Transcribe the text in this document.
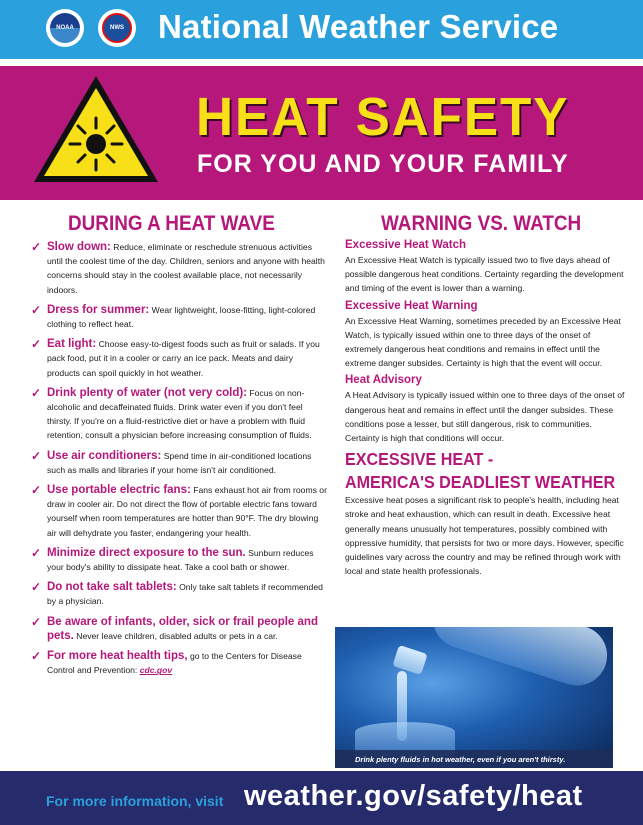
NOAA	NWS National Weather Service
HEAT SAFETY
FOR YOU AND YOUR FAMILY
DURING A HEAT WAVE
✓ Slow down: Reduce, eliminate or reschedule strenuous activities until the coolest time of the day. Children, seniors and anyone with health concerns should stay in the coolest available place, not necessarily indoors.
✓ Dress for summer: Wear lightweight, loose-fitting, light-colored clothing to reflect heat.
✓ Eat light: Choose easy-to-digest foods such as fruit or salads. If you pack food, put it in a cooler or carry an ice pack. Meats and dairy products can spoil quickly in hot weather.
✓ Drink plenty of water (not very cold): Focus on non-alcoholic and decaffeinated fluids. Drink water even if you don't feel thirsty. If you're on a fluid-restrictive diet or have a problem with fluid retention, consult a physician before increasing consumption of fluids.
✓ Use air conditioners: Spend time in air-conditioned locations such as malls and libraries if your home isn't air conditioned.
✓ Use portable electric fans: Fans exhaust hot air from rooms or draw in cooler air. Do not direct the flow of portable electric fans toward yourself when room temperatures are hotter than 90°F. The dry blowing air will dehydrate you faster, endangering your health.
✓ Minimize direct exposure to the sun. Sunburn reduces your body's ability to dissipate heat. Take a cool bath or shower.
✓ Do not take salt tablets: Only take salt tablets if recommended by a physician.
✓ Be aware of infants, older, sick or frail people and pets. Never leave children, disabled adults or pets in a car.
✓ For more heat health tips, go to the Centers for Disease Control and Prevention: cdc.gov
WARNING VS. WATCH
Excessive Heat Watch
An Excessive Heat Watch is typically issued two to five days ahead of possible dangerous heat conditions. Certainty regarding the development and timing of the event is lower than a warning.
Excessive Heat Warning
An Excessive Heat Warning, sometimes preceded by an Excessive Heat Watch, is typically issued within one to three days of the onset of extremely dangerous heat conditions and remains in effect until the extreme danger subsides. Certainty is high that the event will occur.
Heat Advisory
A Heat Advisory is typically issued within one to three days of the onset of dangerous heat and remains in effect until the danger subsides. These conditions pose a lesser, but still dangerous, risk to communities. Certainty is high that conditions will occur.
EXCESSIVE HEAT -
AMERICA'S DEADLIEST WEATHER
Excessive heat poses a significant risk to people's health, including heat stroke and heat exhaustion, which can result in death. Excessive heat generally means unusually hot temperatures, possibly combined with oppressive humidity, that persists for two or more days. However, specific guidelines vary across the country and may be refined through work with local and state health professionals.
Drink plenty fluids in hot weather, even if you aren't thirsty.
For more information, visit weather.gov/safety/heat
